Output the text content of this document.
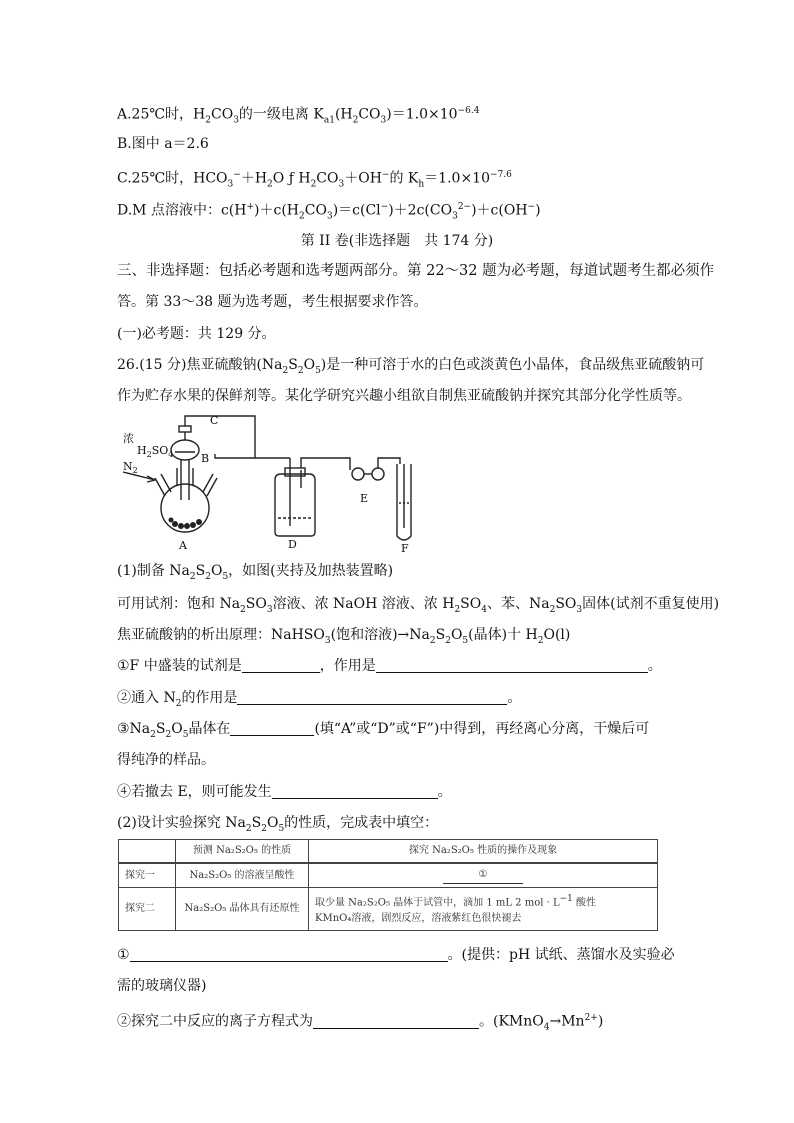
A.25℃时，$H_2CO_3$的一级电离 $K_{a1}(H_2CO_3)=1.0\times 10^{-6.4}$
B.图中 a＝2.6
C.25℃时，$HCO_3^-+H_2O$ ƒ $H_2CO_3+OH^-$的 $K_h=1.0\times 10^{-7.6}$
D.M 点溶液中：$c(H^+)+c(H_2CO_3)=c(Cl^-)+2c(CO_3^{2-})+c(OH^-)$
第 II 卷(非选择题　共 174 分)
三、非选择题：包括必考题和选考题两部分。第 22～32 题为必考题，每道试题考生都必须作
答。第 33～38 题为选考题，考生根据要求作答。
(一)必考题：共 129 分。
26.(15 分)焦亚硫酸钠$(Na_2S_2O_5)$是一种可溶于水的白色或淡黄色小晶体，食品级焦亚硫酸钠可
作为贮存水果的保鲜剂等。某化学研究兴趣小组欲自制焦亚硫酸钠并探究其部分化学性质等。
浓
$H_2SO_4$
$N_2$
B
C
A	D
E
F
(1)制备 $Na_2S_2O_5$，如图(夹持及加热装置略)
可用试剂：饱和 $Na_2SO_3$溶液、浓 NaOH 溶液、浓 $H_2SO_4$、苯、$Na_2SO_3$固体(试剂不重复使用)
焦亚硫酸钠的析出原理：NaHSO$_3$(饱和溶液)$\to Na_2S_2O_5$(晶体)十 $H_2O(l)$
①F 中盛装的试剂是	，作用是	。
②通入 $N_2$的作用是	。
$③Na_2S_2O_5$晶体在	(填“A”或“D”或“F”)中得到，再经离心分离，干燥后可
得纯净的样品。
④若撤去 E，则可能发生	。
(2)设计实验探究 $Na_2S_2O_5$的性质，完成表中填空：
	预测 Na₂S₂O₅ 的性质	探究 Na₂S₂O₅ 性质的操作及现象
探究一	Na₂S₂O₅ 的溶液呈酸性	①
探究二	Na₂S₂O₅ 晶体具有还原性	取少量 Na₂S₂O₅ 晶体于试管中，滴加 1 mL 2 mol · $L^{-1}$ 酸性
KMnO₄溶液，剧烈反应，溶液紫红色很快褪去
①	。(提供：pH 试纸、蒸馏水及实验必
需的玻璃仪器)
②探究二中反应的离子方程式为	。$(KMnO_4\to Mn^{2+})$
